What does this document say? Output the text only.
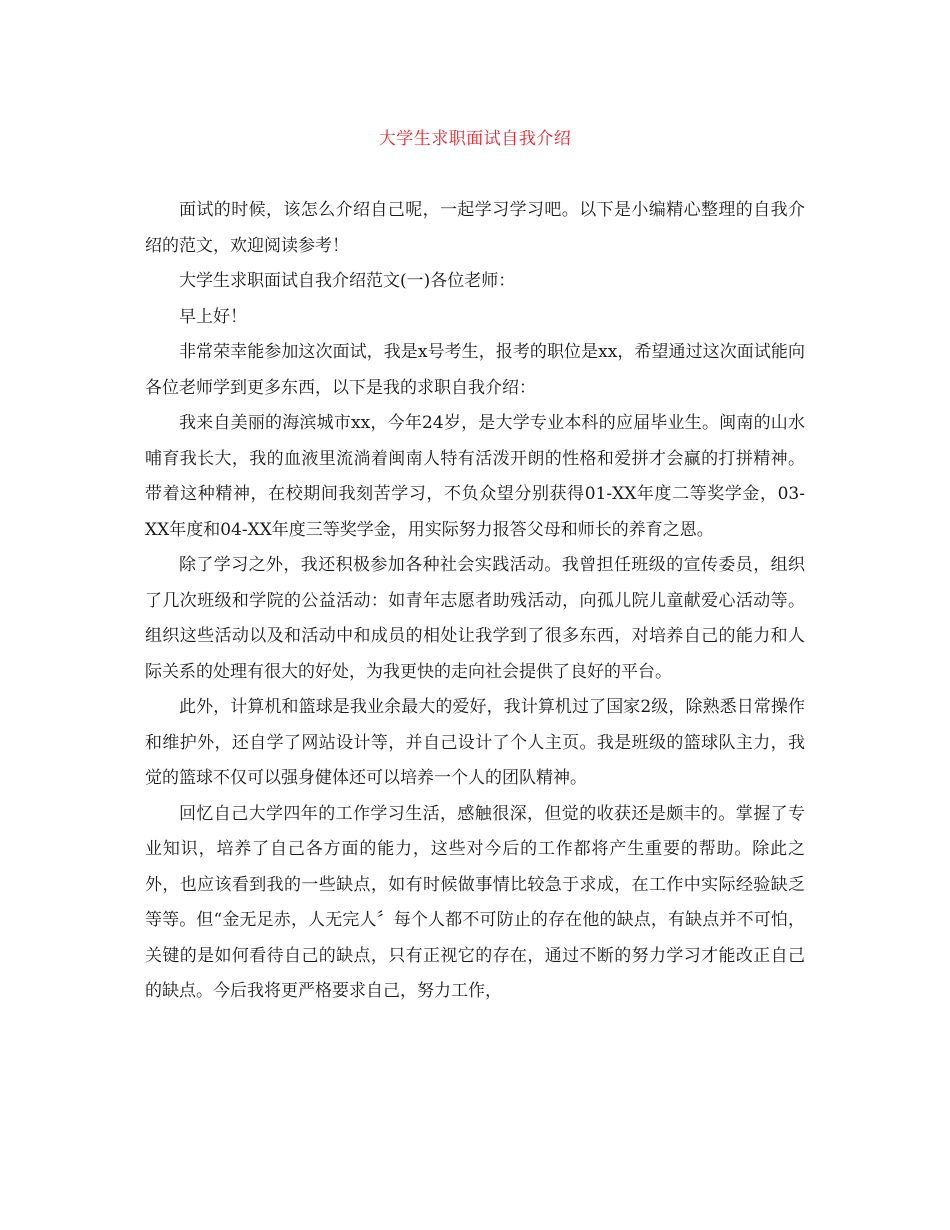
大学生求职面试自我介绍

面试的时候，该怎么介绍自己呢，一起学习学习吧。以下是小编精心整理的自我介绍的范文，欢迎阅读参考！

大学生求职面试自我介绍范文(一)各位老师：

早上好！

非常荣幸能参加这次面试，我是x号考生，报考的职位是xx，希望通过这次面试能向各位老师学到更多东西，以下是我的求职自我介绍：

我来自美丽的海滨城市xx，今年24岁，是大学专业本科的应届毕业生。闽南的山水哺育我长大，我的血液里流淌着闽南人特有活泼开朗的性格和爱拼才会赢的打拼精神。带着这种精神，在校期间我刻苦学习，不负众望分别获得01-XX年度二等奖学金，03-XX年度和04-XX年度三等奖学金，用实际努力报答父母和师长的养育之恩。

除了学习之外，我还积极参加各种社会实践活动。我曾担任班级的宣传委员，组织了几次班级和学院的公益活动：如青年志愿者助残活动，向孤儿院儿童献爱心活动等。组织这些活动以及和活动中和成员的相处让我学到了很多东西，对培养自己的能力和人际关系的处理有很大的好处，为我更快的走向社会提供了良好的平台。

此外，计算机和篮球是我业余最大的爱好，我计算机过了国家2级，除熟悉日常操作和维护外，还自学了网站设计等，并自己设计了个人主页。我是班级的篮球队主力，我觉的篮球不仅可以强身健体还可以培养一个人的团队精神。

回忆自己大学四年的工作学习生活，感触很深，但觉的收获还是颇丰的。掌握了专业知识，培养了自己各方面的能力，这些对今后的工作都将产生重要的帮助。除此之外，也应该看到我的一些缺点，如有时候做事情比较急于求成，在工作中实际经验缺乏等等。但“金无足赤，人无完人〞每个人都不可防止的存在他的缺点，有缺点并不可怕，关键的是如何看待自己的缺点，只有正视它的存在，通过不断的努力学习才能改正自己的缺点。今后我将更严格要求自己，努力工作，
